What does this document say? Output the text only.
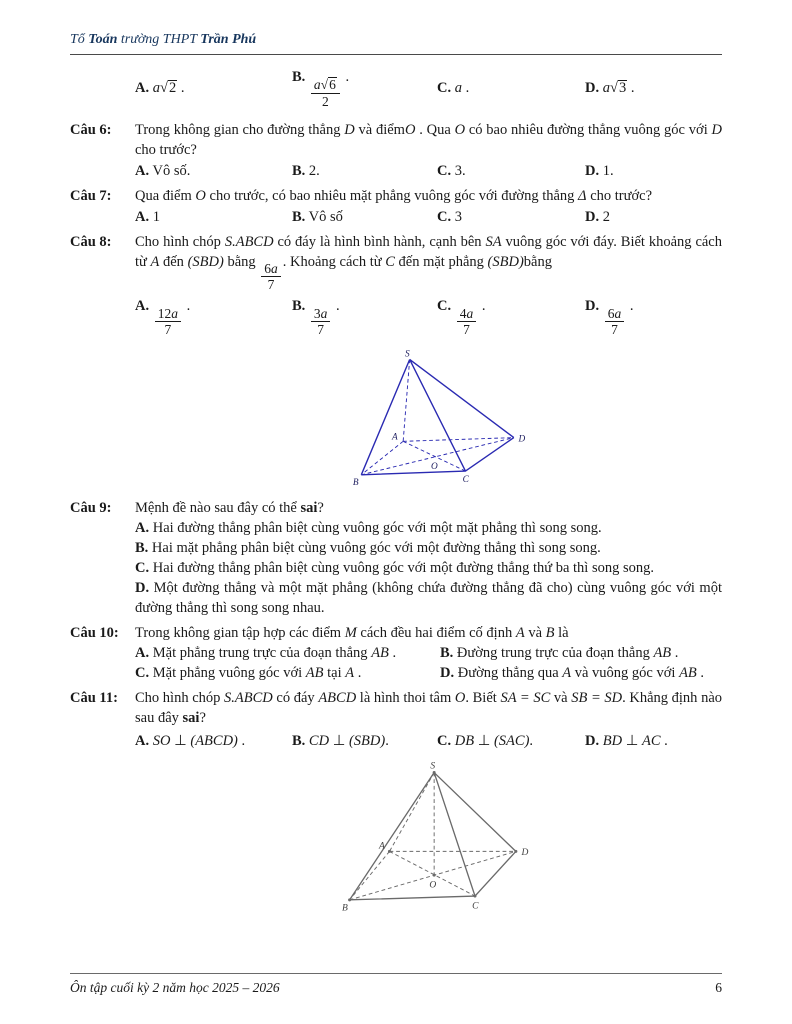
Tổ Toán trường THPT Trần Phú
A. a√2 .
B. $\frac{a√6}{2}$ .
C. a .	D. a√3 .
Câu 6:	Trong không gian cho đường thẳng D và điểmO . Qua O có bao nhiêu đường thẳng vuông góc với D cho trước?
A. Vô số.	B. 2.	C. 3.	D. 1.
Câu 7:	Qua điểm O cho trước, có bao nhiêu mặt phẳng vuông góc với đường thẳng Δ cho trước?
A. 1	B. Vô số	C. 3	D. 2
Câu 8:	Cho hình chóp S.ABCD có đáy là hình bình hành, cạnh bên SA vuông góc với đáy. Biết khoảng cách từ A đến (SBD) bằng $\frac{6a}{7}$ . Khoảng cách từ C đến mặt phẳng (SBD)bằng
A. $\frac{12a}{7}$ .	B. $\frac{3a}{7}$ .	C. $\frac{4a}{7}$ .	D. $\frac{6a}{7}$ .
S
A
B	C
D
O
Câu 9:	Mệnh đề nào sau đây có thể sai?
A. Hai đường thẳng phân biệt cùng vuông góc với một mặt phẳng thì song song.
B. Hai mặt phẳng phân biệt cùng vuông góc với một đường thẳng thì song song.
C. Hai đường thẳng phân biệt cùng vuông góc với một đường thẳng thứ ba thì song song.
D. Một đường thẳng và một mặt phẳng (không chứa đường thẳng đã cho) cùng vuông góc với một đường thẳng thì song song nhau.
Câu 10:	Trong không gian tập hợp các điểm M cách đều hai điểm cố định A và B là
A. Mặt phẳng trung trực của đoạn thẳng AB .	B. Đường trung trực của đoạn thẳng AB .
C. Mặt phẳng vuông góc với AB tại A .	D. Đường thẳng qua A và vuông góc với AB .
Câu 11:	Cho hình chóp S.ABCD có đáy ABCD là hình thoi tâm O. Biết SA = SC và SB = SD. Khẳng định nào sau đây sai?
A. SO ⊥ (ABCD) .	B. CD ⊥ (SBD).	C. DB ⊥ (SAC).	D. BD ⊥ AC .
S
A
B	C
D
O
Ôn tập cuối kỳ 2 năm học 2025 – 2026	6
